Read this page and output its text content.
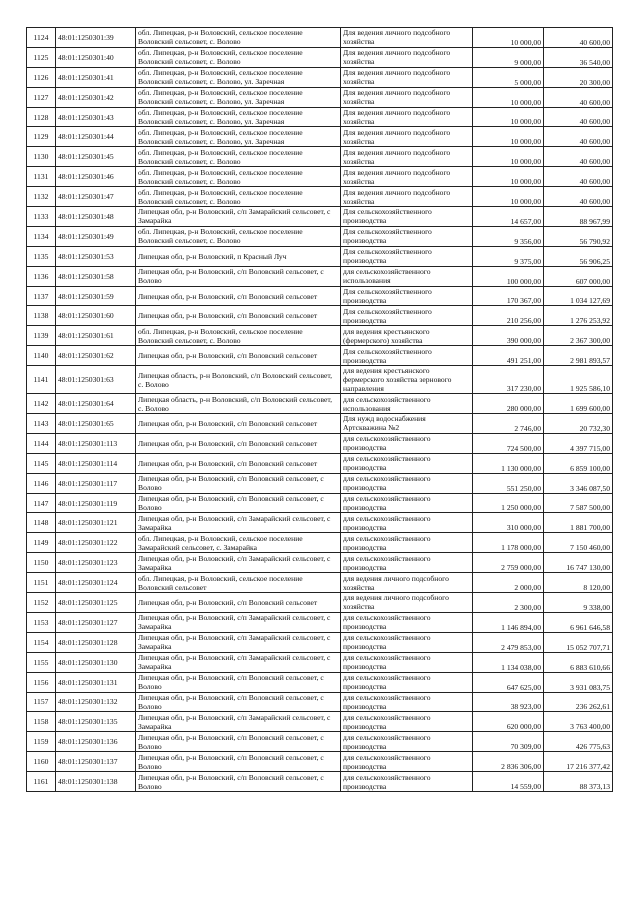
1124	48:01:1250301:39	обл. Липецкая, р-н Воловский, сельское поселение Воловский сельсовет, с. Волово	Для ведения личного подсобного хозяйства	10 000,00	40 600,00
1125	48:01:1250301:40	обл. Липецкая, р-н Воловский, сельское поселение Воловский сельсовет, с. Волово	Для ведения личного подсобного хозяйства	9 000,00	36 540,00
1126	48:01:1250301:41	обл. Липецкая, р-н Воловский, сельское поселение Воловский сельсовет, с. Волово, ул. Заречная	Для ведения личного подсобного хозяйства	5 000,00	20 300,00
1127	48:01:1250301:42	обл. Липецкая, р-н Воловский, сельское поселение Воловский сельсовет, с. Волово, ул. Заречная	Для ведения личного подсобного хозяйства	10 000,00	40 600,00
1128	48:01:1250301:43	обл. Липецкая, р-н Воловский, сельское поселение Воловский сельсовет, с. Волово, ул. Заречная	Для ведения личного подсобного хозяйства	10 000,00	40 600,00
1129	48:01:1250301:44	обл. Липецкая, р-н Воловский, сельское поселение Воловский сельсовет, с. Волово, ул. Заречная	Для ведения личного подсобного хозяйства	10 000,00	40 600,00
1130	48:01:1250301:45	обл. Липецкая, р-н Воловский, сельское поселение Воловский сельсовет, с. Волово	Для ведения личного подсобного хозяйства	10 000,00	40 600,00
1131	48:01:1250301:46	обл. Липецкая, р-н Воловский, сельское поселение Воловский сельсовет, с. Волово	Для ведения личного подсобного хозяйства	10 000,00	40 600,00
1132	48:01:1250301:47	обл. Липецкая, р-н Воловский, сельское поселение Воловский сельсовет, с. Волово	Для ведения личного подсобного хозяйства	10 000,00	40 600,00
1133	48:01:1250301:48	Липецкая обл, р-н Воловский, с/п Замарайский сельсовет, с Замарайка	Для сельскохозяйственного производства	14 657,00	88 967,99
1134	48:01:1250301:49	обл. Липецкая, р-н Воловский, сельское поселение Воловский сельсовет, с. Волово	Для сельскохозяйственного производства	9 356,00	56 790,92
1135	48:01:1250301:53	Липецкая обл, р-н Воловский, п Красный Луч	Для сельскохозяйственного производства	9 375,00	56 906,25
1136	48:01:1250301:58	Липецкая обл, р-н Воловский, с/п Воловский сельсовет, с Волово	для сельскохозяйственного использования	100 000,00	607 000,00
1137	48:01:1250301:59	Липецкая обл, р-н Воловский, с/п Воловский сельсовет	Для сельскохозяйственного производства	170 367,00	1 034 127,69
1138	48:01:1250301:60	Липецкая обл, р-н Воловский, с/п Воловский сельсовет	Для сельскохозяйственного производства	210 256,00	1 276 253,92
1139	48:01:1250301:61	обл. Липецкая, р-н Воловский, сельское поселение Воловский сельсовет, с. Волово	для ведения крестьянского (фермерского) хозяйства	390 000,00	2 367 300,00
1140	48:01:1250301:62	Липецкая обл, р-н Воловский, с/п Воловский сельсовет	Для сельскохозяйственного производства	491 251,00	2 981 893,57
1141	48:01:1250301:63	Липецкая область, р-н Воловский, с/п Воловский сельсовет, с. Волово	для ведения крестьянского фермерского хозяйства зернового направления	317 230,00	1 925 586,10
1142	48:01:1250301:64	Липецкая область, р-н Воловский, с/п Воловский сельсовет, с. Волово	для сельскохозяйственного использования	280 000,00	1 699 600,00
1143	48:01:1250301:65	Липецкая обл, р-н Воловский, с/п Воловский сельсовет	Для нужд водоснабжения Артскважина №2	2 746,00	20 732,30
1144	48:01:1250301:113	Липецкая обл, р-н Воловский, с/п Воловский сельсовет	для сельскохозяйственного производства	724 500,00	4 397 715,00
1145	48:01:1250301:114	Липецкая обл, р-н Воловский, с/п Воловский сельсовет	для сельскохозяйственного производства	1 130 000,00	6 859 100,00
1146	48:01:1250301:117	Липецкая обл, р-н Воловский, с/п Воловский сельсовет, с Волово	для сельскохозяйственного производства	551 250,00	3 346 087,50
1147	48:01:1250301:119	Липецкая обл, р-н Воловский, с/п Воловский сельсовет, с Волово	для сельскохозяйственного производства	1 250 000,00	7 587 500,00
1148	48:01:1250301:121	Липецкая обл, р-н Воловский, с/п Замарайский сельсовет, с Замарайка	для сельскохозяйственного производства	310 000,00	1 881 700,00
1149	48:01:1250301:122	обл. Липецкая, р-н Воловский, сельское поселение Замарайский сельсовет, с. Замарайка	для сельскохозяйственного производства	1 178 000,00	7 150 460,00
1150	48:01:1250301:123	Липецкая обл, р-н Воловский, с/п Замарайский сельсовет, с Замарайка	для сельскохозяйственного производства	2 759 000,00	16 747 130,00
1151	48:01:1250301:124	обл. Липецкая, р-н Воловский, сельское поселение Воловский сельсовет	для ведения личного подсобного хозяйства	2 000,00	8 120,00
1152	48:01:1250301:125	Липецкая обл, р-н Воловский, с/п Воловский сельсовет	для ведения личного подсобного хозяйства	2 300,00	9 338,00
1153	48:01:1250301:127	Липецкая обл, р-н Воловский, с/п Замарайский сельсовет, с Замарайка	для сельскохозяйственного производства	1 146 894,00	6 961 646,58
1154	48:01:1250301:128	Липецкая обл, р-н Воловский, с/п Замарайский сельсовет, с Замарайка	для сельскохозяйственного производства	2 479 853,00	15 052 707,71
1155	48:01:1250301:130	Липецкая обл, р-н Воловский, с/п Замарайский сельсовет, с Замарайка	для сельскохозяйственного производства	1 134 038,00	6 883 610,66
1156	48:01:1250301:131	Липецкая обл, р-н Воловский, с/п Воловский сельсовет, с Волово	для сельскохозяйственного производства	647 625,00	3 931 083,75
1157	48:01:1250301:132	Липецкая обл, р-н Воловский, с/п Воловский сельсовет, с Волово	для сельскохозяйственного производства	38 923,00	236 262,61
1158	48:01:1250301:135	Липецкая обл, р-н Воловский, с/п Замарайский сельсовет, с Замарайка	для сельскохозяйственного производства	620 000,00	3 763 400,00
1159	48:01:1250301:136	Липецкая обл, р-н Воловский, с/п Воловский сельсовет, с Волово	для сельскохозяйственного производства	70 309,00	426 775,63
1160	48:01:1250301:137	Липецкая обл, р-н Воловский, с/п Воловский сельсовет, с Волово	для сельскохозяйственного производства	2 836 306,00	17 216 377,42
1161	48:01:1250301:138	Липецкая обл, р-н Воловский, с/п Воловский сельсовет, с Волово	для сельскохозяйственного производства	14 559,00	88 373,13
